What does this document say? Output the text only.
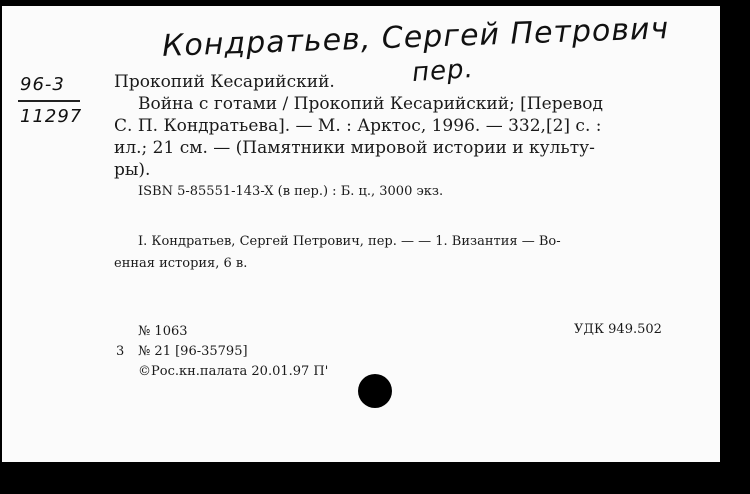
Кондратьев, Сергей Петрович
пер.
96-3
11297
Прокопий Кесарийский.
Война с готами / Прокопий Кесарийский; [Перевод
С. П. Кондратьева]. — М. : Арктос, 1996. — 332,[2] с. :
ил.; 21 см. — (Памятники мировой истории и культу-
ры).
ISBN 5-85551-143-X (в пер.) : Б. ц., 3000 экз.
I. Кондратьев, Сергей Петрович, пер. — — 1. Византия — Во-
енная история, 6 в.
№ 1063	УДК 949.502
3 № 21 [96-35795]
©Рос.кн.палата 20.01.97 П'
